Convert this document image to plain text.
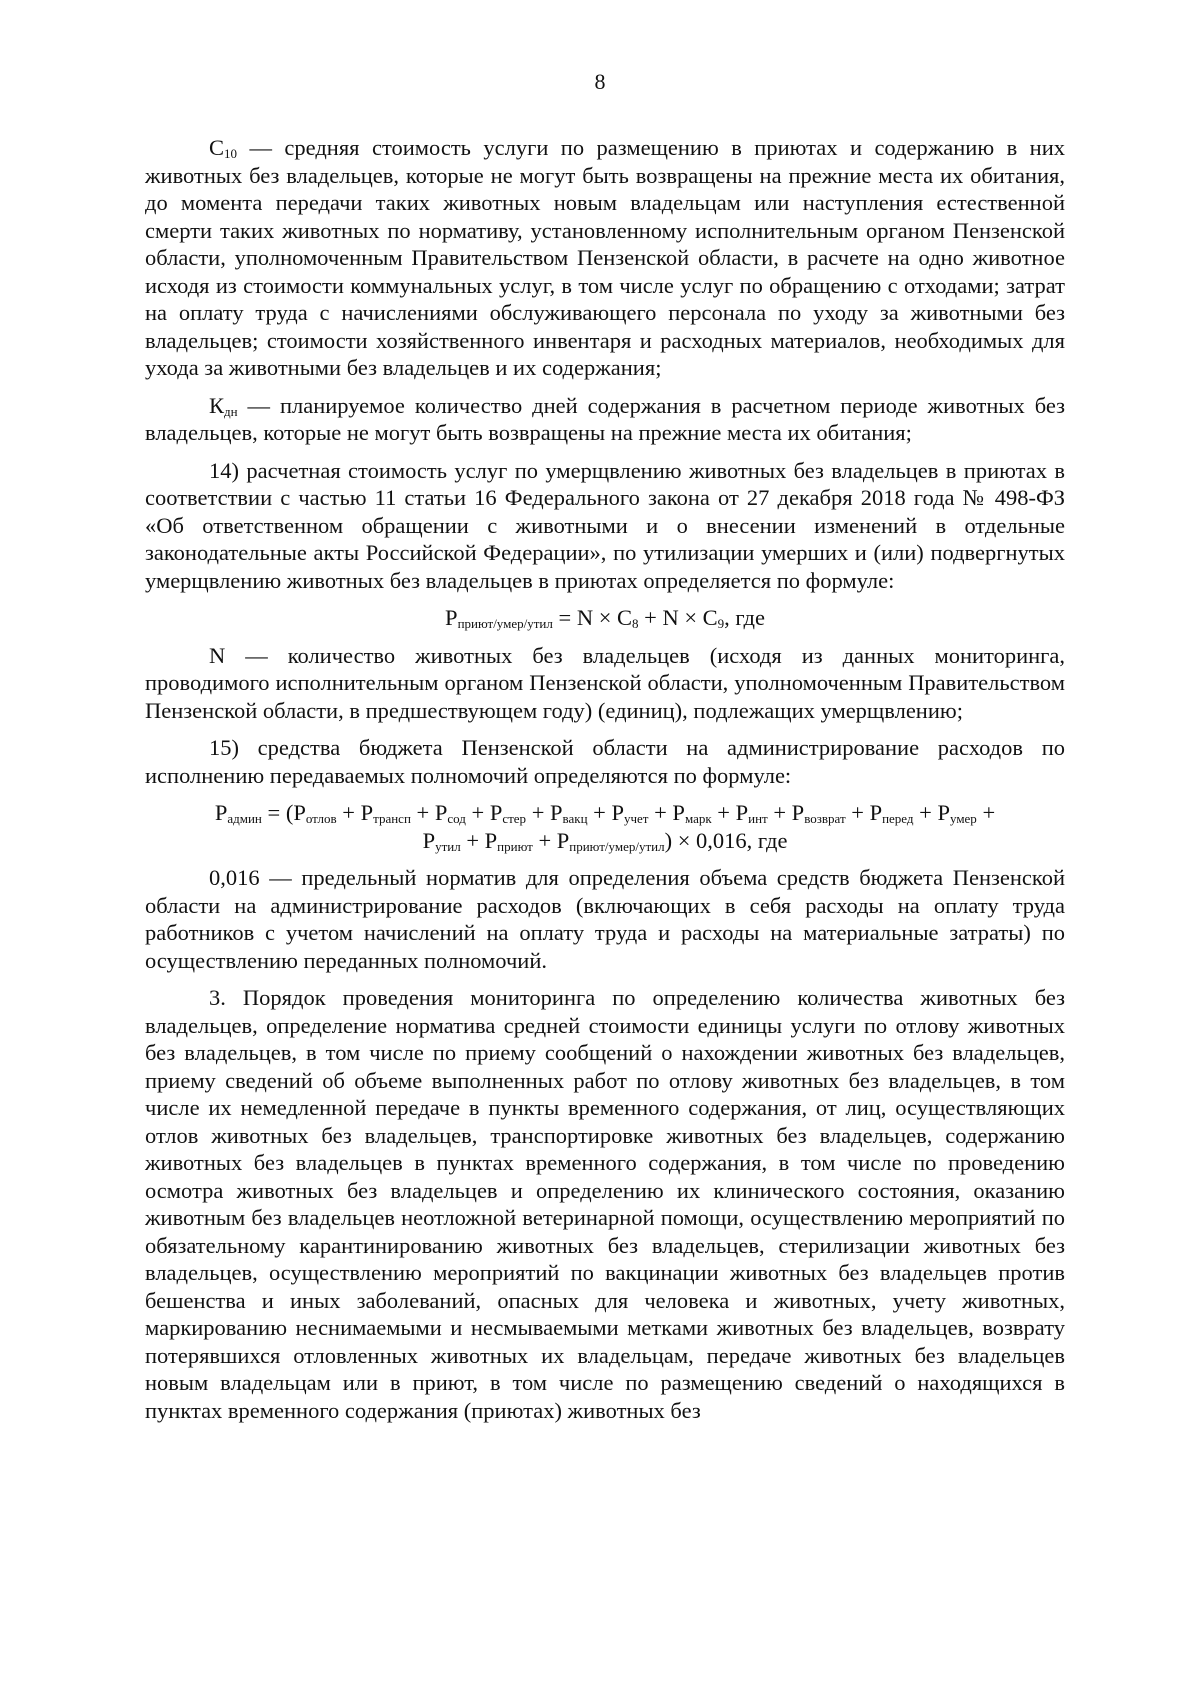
8

$C_{10}$ — средняя стоимость услуги по размещению в приютах и содержанию в них животных без владельцев, которые не могут быть возвращены на прежние места их обитания, до момента передачи таких животных новым владельцам или наступления естественной смерти таких животных по нормативу, установленному исполнительным органом Пензенской области, уполномоченным Правительством Пензенской области, в расчете на одно животное исходя из стоимости коммунальных услуг, в том числе услуг по обращению с отходами; затрат на оплату труда с начислениями обслуживающего персонала по уходу за животными без владельцев; стоимости хозяйственного инвентаря и расходных материалов, необходимых для ухода за животными без владельцев и их содержания;

$К_{дн}$ — планируемое количество дней содержания в расчетном периоде животных без владельцев, которые не могут быть возвращены на прежние места их обитания;

14) расчетная стоимость услуг по умерщвлению животных без владельцев в приютах в соответствии с частью 11 статьи 16 Федерального закона от 27 декабря 2018 года № 498-ФЗ «Об ответственном обращении с животными и о внесении изменений в отдельные законодательные акты Российской Федерации», по утилизации умерших и (или) подвергнутых умерщвлению животных без владельцев в приютах определяется по формуле:

$P_{приют/умер/утил} = N \times C_8 + N \times C_9$, где

N — количество животных без владельцев (исходя из данных мониторинга, проводимого исполнительным органом Пензенской области, уполномоченным Правительством Пензенской области, в предшествующем году) (единиц), подлежащих умерщвлению;

15) средства бюджета Пензенской области на администрирование расходов по исполнению передаваемых полномочий определяются по формуле:

$P_{админ} = (P_{отлов} + P_{трансп} + P_{сод} + P_{стер} + P_{вакц} + P_{учет} + P_{марк} + P_{инт} + P_{возврат} + P_{перед} + P_{умер}$ +
$P_{утил} + P_{приют} + P_{приют/умер/утил}) \times 0,016$, где

0,016 — предельный норматив для определения объема средств бюджета Пензенской области на администрирование расходов (включающих в себя расходы на оплату труда работников с учетом начислений на оплату труда и расходы на материальные затраты) по осуществлению переданных полномочий.

3. Порядок проведения мониторинга по определению количества животных без владельцев, определение норматива средней стоимости единицы услуги по отлову животных без владельцев, в том числе по приему сообщений о нахождении животных без владельцев, приему сведений об объеме выполненных работ по отлову животных без владельцев, в том числе их немедленной передаче в пункты временного содержания, от лиц, осуществляющих отлов животных без владельцев, транспортировке животных без владельцев, содержанию животных без владельцев в пунктах временного содержания, в том числе по проведению осмотра животных без владельцев и определению их клинического состояния, оказанию животным без владельцев неотложной ветеринарной помощи, осуществлению мероприятий по обязательному карантинированию животных без владельцев, стерилизации животных без владельцев, осуществлению мероприятий по вакцинации животных без владельцев против бешенства и иных заболеваний, опасных для человека и животных, учету животных, маркированию неснимаемыми и несмываемыми метками животных без владельцев, возврату потерявшихся отловленных животных их владельцам, передаче животных без владельцев новым владельцам или в приют, в том числе по размещению сведений о находящихся в пунктах временного содержания (приютах) животных без
